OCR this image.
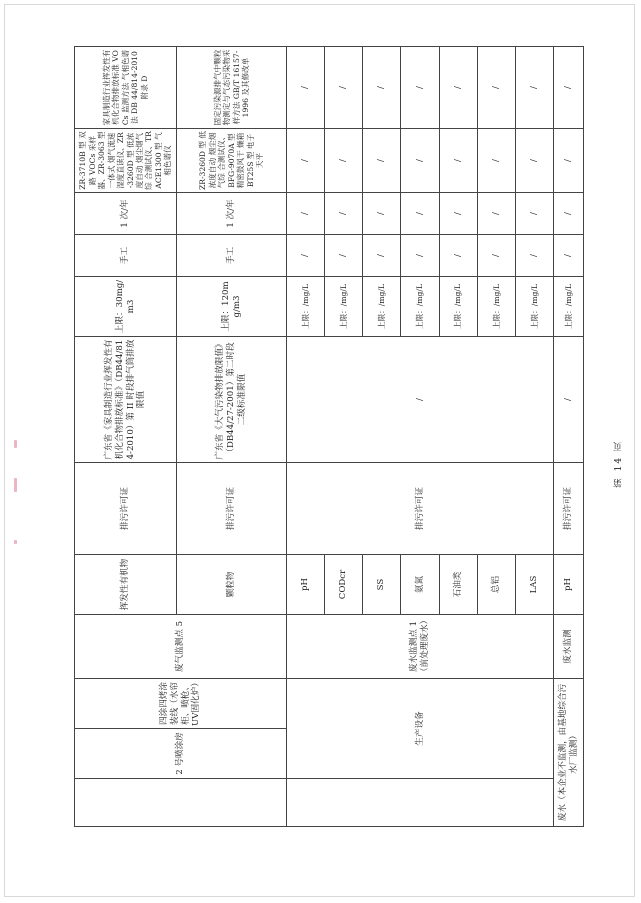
	2 号喷涂房	四涂四烤涂装线（水帘柜、喷枪、UV固化炉）	废气监测点 5	挥发性有机物	排污许可证	广东省《家具制造行业挥发性有机化合物排放标准》（DB44/814-2010）第 II 时段排气筒排放限值	上限：30mg/m3	手工	1 次/年	ZR-3710B 型 双路 VOCs 采样器、ZR-3063 型 一体式 烟气流速湿度直读仪、ZR-3260D 型 低浓度自动 烟尘烟气综 合测试仪、TRACE1300 型 气相色谱仪	家具制造行业挥发性有机化合物排放标准 VOCs 监测方法 气相色谱法 DB 44/814-2010 附录 D
				颗粒物	排污许可证	广东省《大气污染物排放限值》（DB44/27-2001）第二时段二级标准限值	上限：120mg/m3	手工	1 次/年	ZR-3260D 型 低浓度自动 烟尘烟气综 合测试仪、BFG-9070A 型 精密鼓风干 燥箱 BT25S 型 电子天平	固定污染源排气中颗粒物测定与气态污染物采样方法 GB/T 16157-1996 及其修改单
	生产设备		废水监测点 1（前处理废水）	pH	排污许可证	/	上限：/mg/L	/	/	/	/
				CODcr			上限：/mg/L	/	/	/	/
				SS			上限：/mg/L	/	/	/	/
				氨氮			上限：/mg/L	/	/	/	/
				石油类			上限：/mg/L	/	/	/	/
				总铝			上限：/mg/L	/	/	/	/
				LAS			上限：/mg/L	/	/	/	/
废水（本企业不监测，由基地综合污水厂监测）			废水监测	pH	排污许可证	/	上限：/mg/L	/	/	/	/
第 14 页
